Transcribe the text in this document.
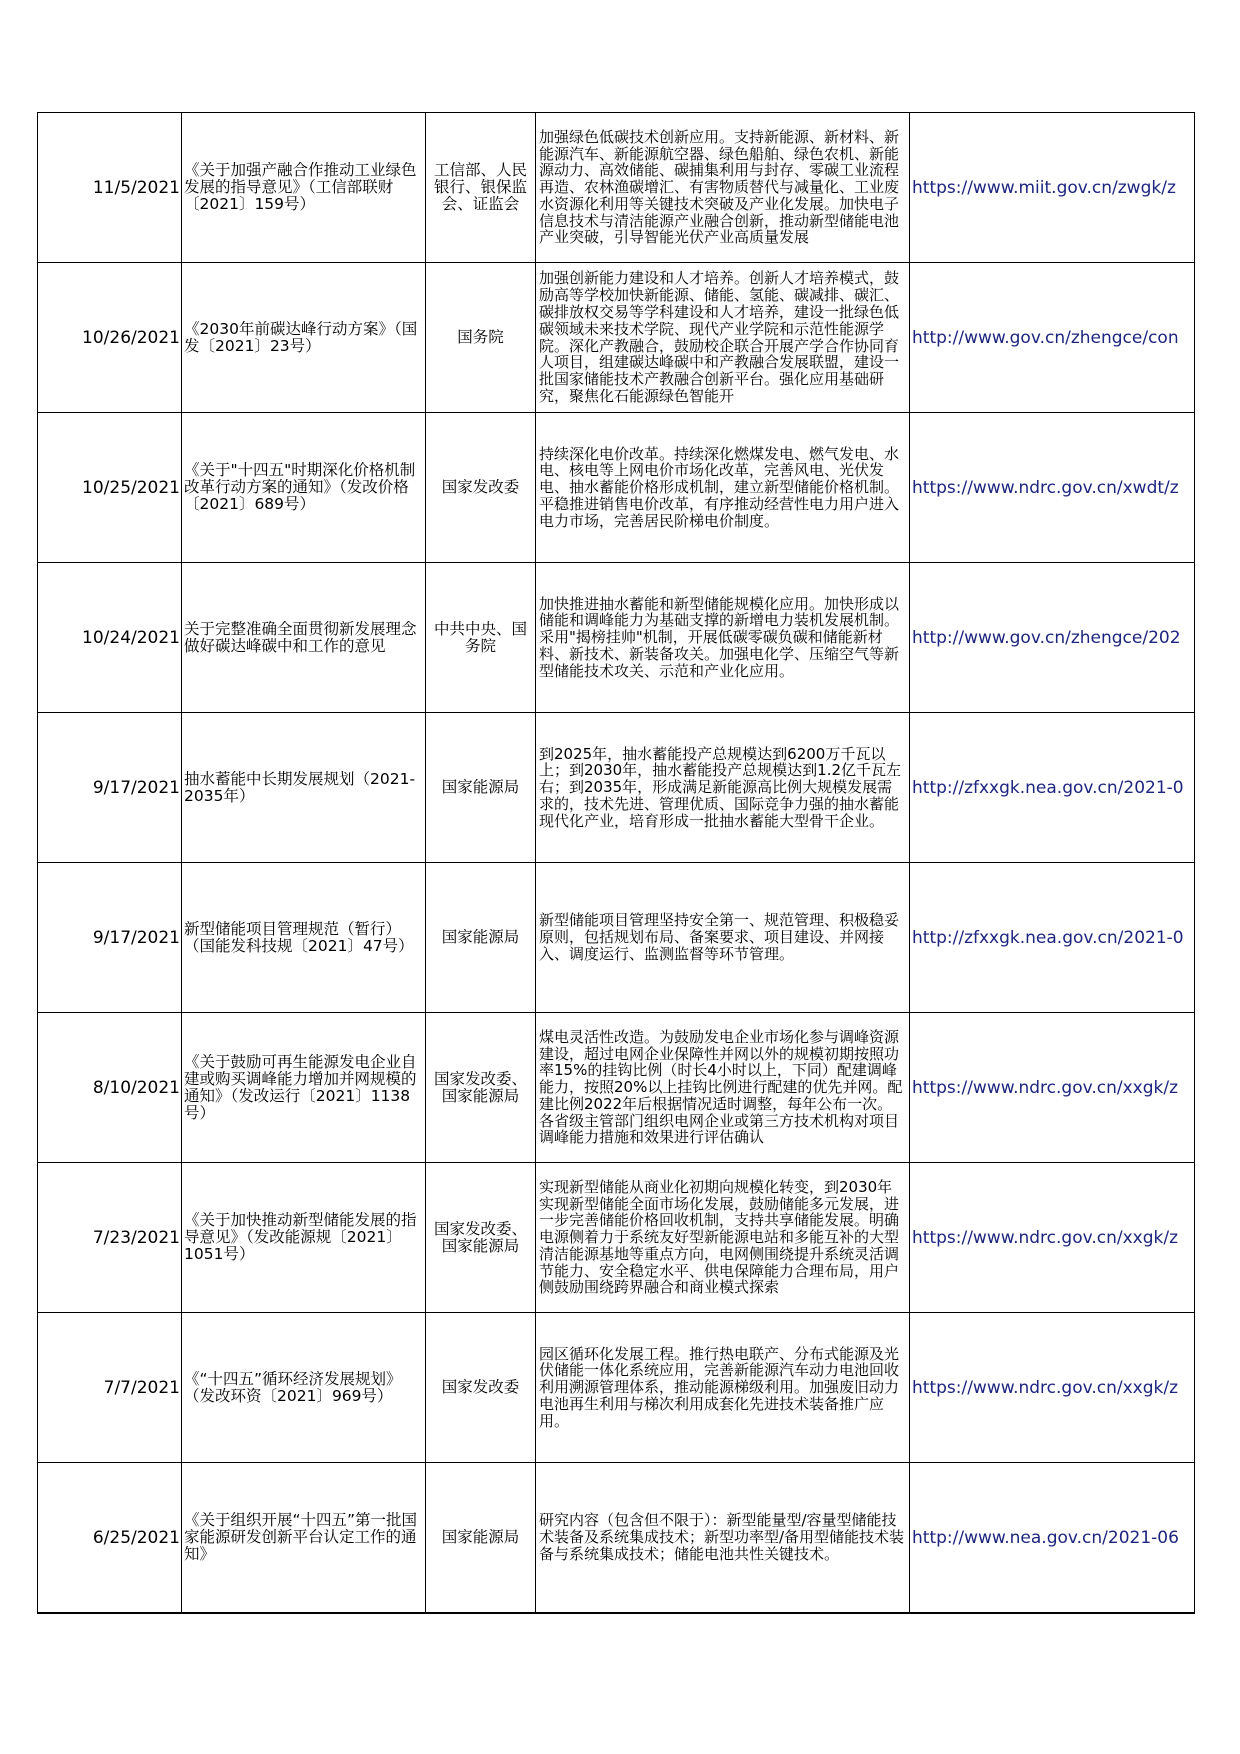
11/5/2021	《关于加强产融合作推动工业绿色发展的指导意见》（工信部联财〔2021〕159号）	工信部、人民银行、银保监会、证监会	加强绿色低碳技术创新应用。支持新能源、新材料、新能源汽车、新能源航空器、绿色船舶、绿色农机、新能源动力、高效储能、碳捕集利用与封存、零碳工业流程再造、农林渔碳增汇、有害物质替代与减量化、工业废水资源化利用等关键技术突破及产业化发展。加快电子信息技术与清洁能源产业融合创新，推动新型储能电池产业突破，引导智能光伏产业高质量发展	https://www.miit.gov.cn/zwgk/z

10/26/2021	《2030年前碳达峰行动方案》（国发〔2021〕23号）	国务院	加强创新能力建设和人才培养。创新人才培养模式，鼓励高等学校加快新能源、储能、氢能、碳减排、碳汇、碳排放权交易等学科建设和人才培养，建设一批绿色低碳领域未来技术学院、现代产业学院和示范性能源学院。深化产教融合，鼓励校企联合开展产学合作协同育人项目，组建碳达峰碳中和产教融合发展联盟，建设一批国家储能技术产教融合创新平台。强化应用基础研究，聚焦化石能源绿色智能开	http://www.gov.cn/zhengce/con

10/25/2021	《关于"十四五"时期深化价格机制改革行动方案的通知》（发改价格〔2021〕689号）	国家发改委	持续深化电价改革。持续深化燃煤发电、燃气发电、水电、核电等上网电价市场化改革，完善风电、光伏发电、抽水蓄能价格形成机制，建立新型储能价格机制。平稳推进销售电价改革，有序推动经营性电力用户进入电力市场，完善居民阶梯电价制度。	https://www.ndrc.gov.cn/xwdt/z

10/24/2021	关于完整准确全面贯彻新发展理念做好碳达峰碳中和工作的意见	中共中央、国务院	加快推进抽水蓄能和新型储能规模化应用。加快形成以储能和调峰能力为基础支撑的新增电力装机发展机制。采用"揭榜挂帅"机制，开展低碳零碳负碳和储能新材料、新技术、新装备攻关。加强电化学、压缩空气等新型储能技术攻关、示范和产业化应用。	http://www.gov.cn/zhengce/202

9/17/2021	抽水蓄能中长期发展规划（2021-2035年）	国家能源局	到2025年，抽水蓄能投产总规模达到6200万千瓦以上；到2030年，抽水蓄能投产总规模达到1.2亿千瓦左右；到2035年，形成满足新能源高比例大规模发展需求的，技术先进、管理优质、国际竞争力强的抽水蓄能现代化产业，培育形成一批抽水蓄能大型骨干企业。	http://zfxxgk.nea.gov.cn/2021-0

9/17/2021	新型储能项目管理规范（暂行）（国能发科技规〔2021〕47号）	国家能源局	新型储能项目管理坚持安全第一、规范管理、积极稳妥原则，包括规划布局、备案要求、项目建设、并网接入、调度运行、监测监督等环节管理。	http://zfxxgk.nea.gov.cn/2021-0

8/10/2021	《关于鼓励可再生能源发电企业自建或购买调峰能力增加并网规模的通知》（发改运行〔2021〕1138号）	国家发改委、国家能源局	煤电灵活性改造。为鼓励发电企业市场化参与调峰资源建设，超过电网企业保障性并网以外的规模初期按照功率15%的挂钩比例（时长4小时以上，下同）配建调峰能力，按照20%以上挂钩比例进行配建的优先并网。配建比例2022年后根据情况适时调整，每年公布一次。各省级主管部门组织电网企业或第三方技术机构对项目调峰能力措施和效果进行评估确认	https://www.ndrc.gov.cn/xxgk/z

7/23/2021	《关于加快推动新型储能发展的指导意见》（发改能源规〔2021〕1051号）	国家发改委、国家能源局	实现新型储能从商业化初期向规模化转变，到2030年实现新型储能全面市场化发展，鼓励储能多元发展，进一步完善储能价格回收机制，支持共享储能发展。明确电源侧着力于系统友好型新能源电站和多能互补的大型清洁能源基地等重点方向，电网侧围绕提升系统灵活调节能力、安全稳定水平、供电保障能力合理布局，用户侧鼓励围绕跨界融合和商业模式探索	https://www.ndrc.gov.cn/xxgk/z

7/7/2021	《“十四五”循环经济发展规划》（发改环资〔2021〕969号）	国家发改委	园区循环化发展工程。推行热电联产、分布式能源及光伏储能一体化系统应用，完善新能源汽车动力电池回收利用溯源管理体系，推动能源梯级利用。加强废旧动力电池再生利用与梯次利用成套化先进技术装备推广应用。	https://www.ndrc.gov.cn/xxgk/z

6/25/2021	《关于组织开展“十四五”第一批国家能源研发创新平台认定工作的通知》	国家能源局	研究内容（包含但不限于）：新型能量型/容量型储能技术装备及系统集成技术；新型功率型/备用型储能技术装备与系统集成技术；储能电池共性关键技术。	http://www.nea.gov.cn/2021-06
